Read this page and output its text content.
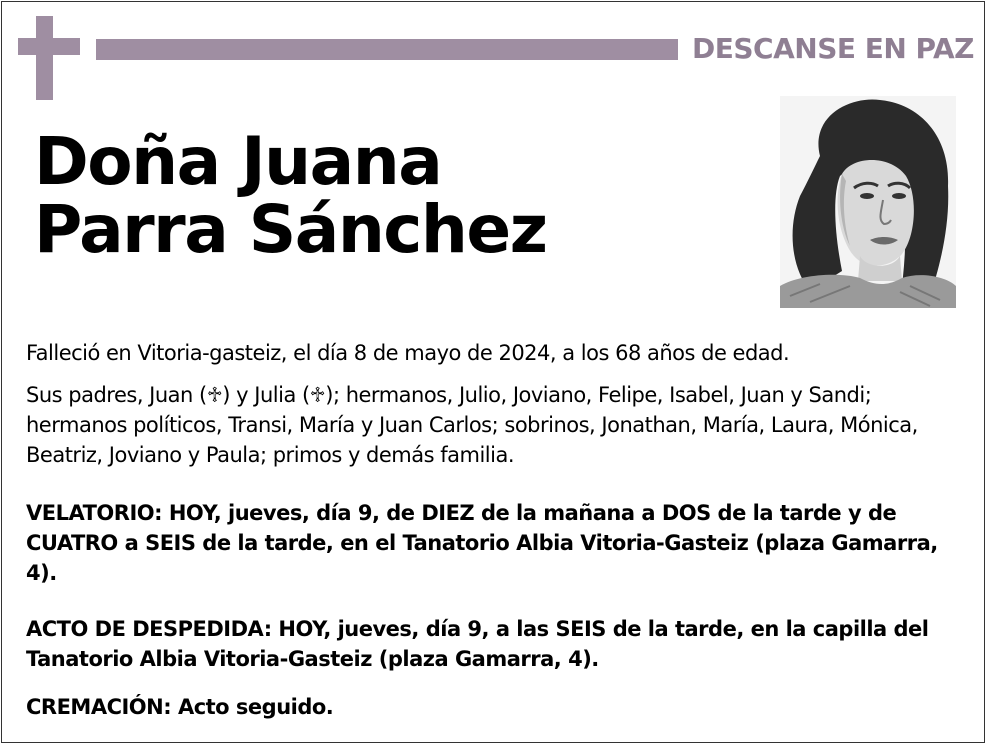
DESCANSE EN PAZ
Doña Juana
Parra Sánchez
Falleció en Vitoria-gasteiz, el día 8 de mayo de 2024, a los 68 años de edad.
Sus padres, Juan (♱) y Julia (♱); hermanos, Julio, Joviano, Felipe, Isabel, Juan y Sandi; hermanos políticos, Transi, María y Juan Carlos; sobrinos, Jonathan, María, Laura, Mónica, Beatriz, Joviano y Paula; primos y demás familia.
VELATORIO: HOY, jueves, día 9, de DIEZ de la mañana a DOS de la tarde y de CUATRO a SEIS de la tarde, en el Tanatorio Albia Vitoria-Gasteiz (plaza Gamarra, 4).
ACTO DE DESPEDIDA: HOY, jueves, día 9, a las SEIS de la tarde, en la capilla del Tanatorio Albia Vitoria-Gasteiz (plaza Gamarra, 4).
CREMACIÓN: Acto seguido.
